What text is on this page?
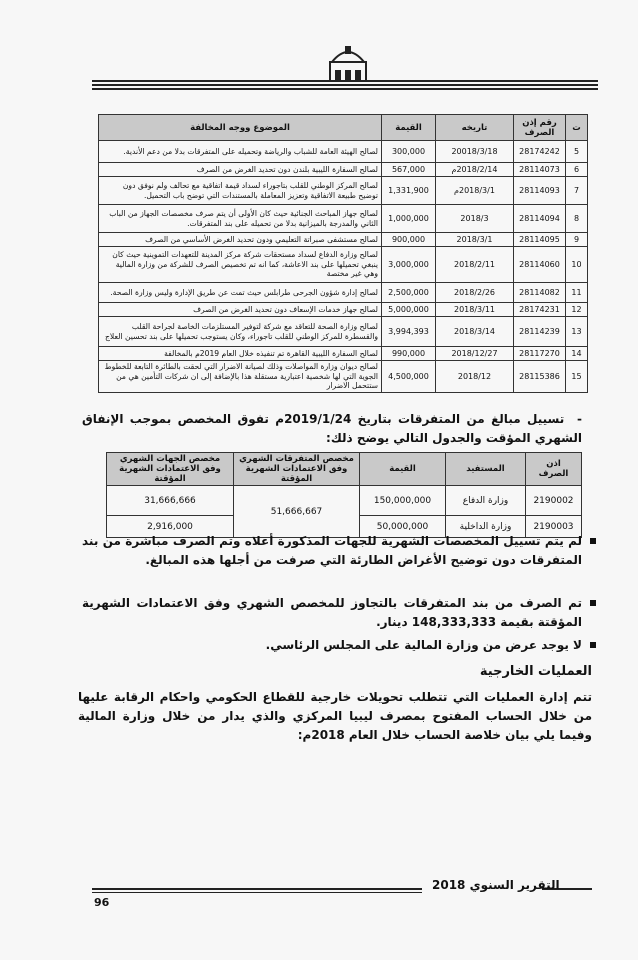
ت	رقم إذن الصرف	تاريخه	القيمة	الموضوع ووجه المخالفة
5	28174242	20018/3/18	300,000	لصالح الهيئة العامة للشباب والرياضة وتحميله على المتفرقات بدلا من دعم الأندية.
6	28114073	2018/2/14م	567,000	لصالح السفارة الليبية بلندن دون تحديد الغرض من الصرف
7	28114093	2018/3/1م	1,331,900	لصالح المركز الوطني للقلب بتاجوراء لسداد قيمة اتفاقية مع تحالف ولم نوفق دون توضيح طبيعة الاتفاقية وتعزيز المعاملة بالمستندات التي توضح باب التحميل.
8	28114094	2018/3	1,000,000	لصالح جهاز المباحث الجنائية حيث كان الأولى أن يتم صرف مخصصات الجهاز من الباب الثاني والمدرجة بالميزانية بدلا من تحميله على بند المتفرقات.
9	28114095	2018/3/1	900,000	لصالح مستشفى صبراتة التعليمي ودون تحديد الغرض الأساسي من الصرف
10	28114060	2018/2/11	3,000,000	لصالح وزارة الدفاع لسداد مستحقات شركة مركز المدينة للتعهدات التموينية حيث كان ينبغي تحميلها على بند الاعاشة، كما انه تم تخصيص الصرف للشركة من وزارة المالية وهي غير مختصة
11	28114082	2018/2/26	2,500,000	لصالح إدارة شؤون الجرحى طرابلس حيث تمت عن طريق الإدارة وليس وزارة الصحة.
12	28174231	2018/3/11	5,000,000	لصالح جهاز خدمات الإسعاف دون تحديد الغرض من الصرف
13	28114239	2018/3/14	3,994,393	لصالح وزارة الصحة للتعاقد مع شركة لتوفير المستلزمات الخاصة لجراحة القلب والقسطرة للمركز الوطني للقلب تاجوراء، وكان يستوجب تحميلها على بند تحسين العلاج
14	28117270	2018/12/27	990,000	لصالح السفارة الليبية القاهرة تم تنفيذه خلال العام 2019م بالمخالفة
15	28115386	2018/12	4,500,000	لصالح ديوان وزارة المواصلات وذلك لصيانة الاضرار التي لحقت بالطائرة التابعة للخطوط الجوية التي لها شخصية اعتبارية مستقلة هذا بالإضافة إلى ان شركات التأمين هي من ستتحمل الاضرار
-  تسييل مبالغ من المتفرقات بتاريخ 2019/1/24م تفوق المخصص بموجب الإنفاق الشهري المؤقت والجدول التالي يوضح ذلك:
اذن الصرف	المستفيد	القيمة	مخصص المتفرقات الشهري وفق الاعتمادات الشهرية المؤقتة	مخصص الجهات الشهري وفق الاعتمادات الشهرية المؤقتة
2190002	وزارة الدفاع	150,000,000	51,666,667	31,666,666
2190003	وزارة الداخلية	50,000,000		2,916,000
لم يتم تسييل المخصصات الشهرية للجهات المذكورة أعلاه وتم الصرف مباشرة من بند المتفرقات دون توضيح الأغراض الطارئة التي صرفت من أجلها هذه المبالغ.
تم الصرف من بند المتفرقات بالتجاوز للمخصص الشهري وفق الاعتمادات الشهرية المؤقتة بقيمة 148,333,333 دينار.
لا يوجد عرض من وزارة المالية على المجلس الرئاسي.
العمليات الخارجية
تتم إدارة العمليات التي تتطلب تحويلات خارجية للقطاع الحكومي واحكام الرقابة عليها من خلال الحساب المفتوح بمصرف ليبيا المركزي والذي يدار من خلال وزارة المالية وفيما يلي بيان خلاصة الحساب خلال العام 2018م:
التقرير السنوي 2018
96
